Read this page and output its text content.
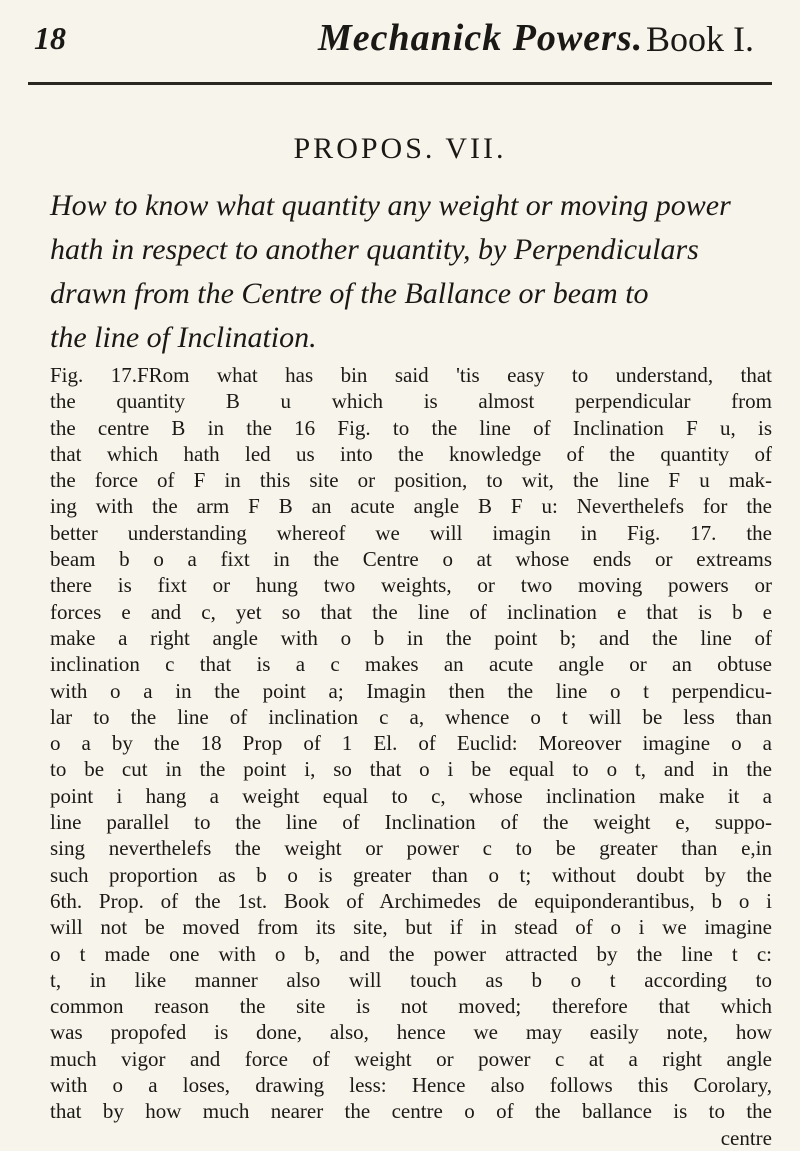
18	Mechanick Powers. Book I.
PROPOS. VII.

How to know what quantity any weight or moving power
hath in respect to another quantity, by Perpendiculars
drawn from the Centre of the Ballance or beam to
the line of Inclination.

Fig. 17.FRom what has bin said 'tis easy to understand, that
the quantity B u which is almost perpendicular from
the centre B in the 16 Fig. to the line of Inclination F u, is
that which hath led us into the knowledge of the quantity of
the force of F in this site or position, to wit, the line F u mak-
ing with the arm F B an acute angle B F u: Neverthelefs for the
better understanding whereof we will imagin in Fig. 17. the
beam b o a fixt in the Centre o at whose ends or extreams
there is fixt or hung two weights, or two moving powers or
forces e and c, yet so that the line of inclination e that is b e
make a right angle with o b in the point b; and the line of
inclination c that is a c makes an acute angle or an obtuse
with o a in the point a; Imagin then the line o t perpendicu-
lar to the line of inclination c a, whence o t will be less than
o a by the 18 Prop of 1 El. of Euclid: Moreover imagine o a
to be cut in the point i, so that o i be equal to o t, and in the
point i hang a weight equal to c, whose inclination make it a
line parallel to the line of Inclination of the weight e, suppo-
sing neverthelefs the weight or power c to be greater than e,in
such proportion as b o is greater than o t; without doubt by the
6th. Prop. of the 1st. Book of Archimedes de equiponderantibus, b o i
will not be moved from its site, but if in stead of o i we imagine
o t made one with o b, and the power attracted by the line t c:
t, in like manner also will touch as b o t according to
common reason the site is not moved; therefore that which
was propofed is done, also, hence we may easily note, how
much vigor and force of weight or power c at a right angle
with o a loses, drawing less: Hence also follows this Corolary,
that by how much nearer the centre o of the ballance is to the
centre
